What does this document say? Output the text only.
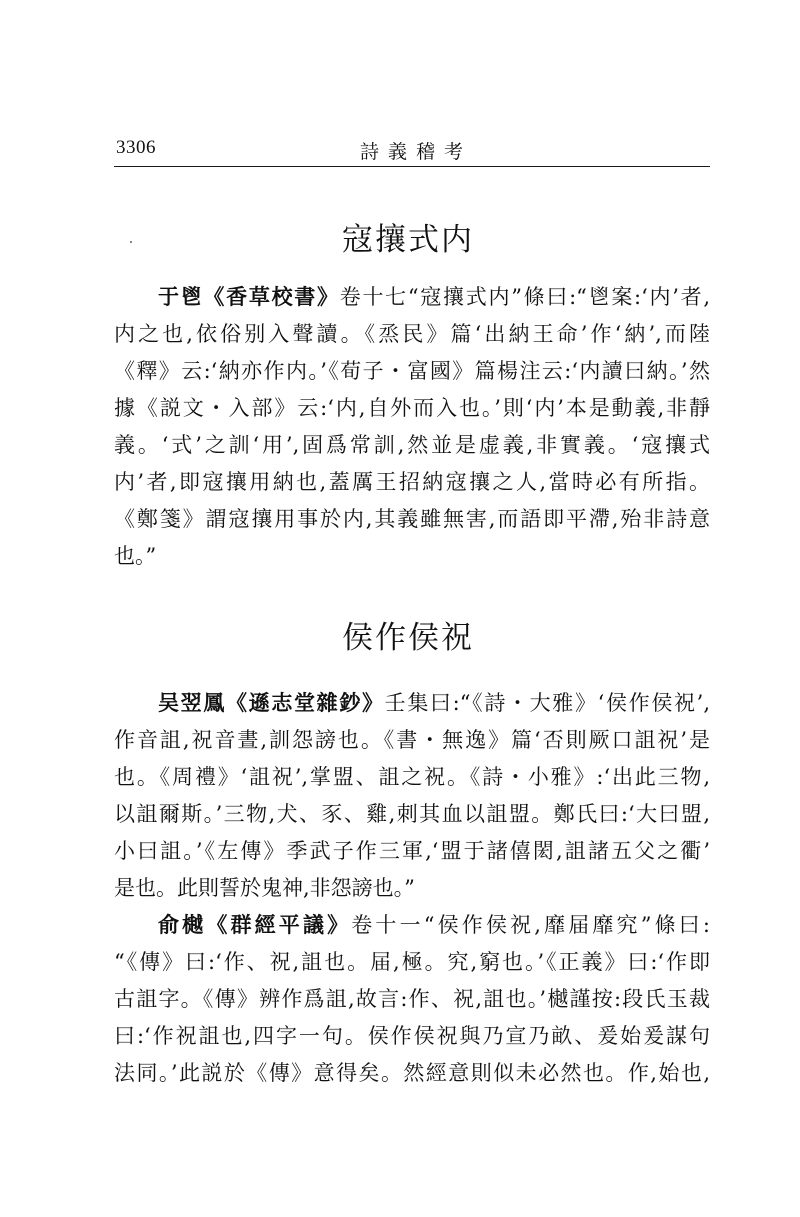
3306	詩義稽考
寇攘式内
于鬯《香草校書》卷十七“寇攘式内”條曰:“鬯案:‘内’者,
内之也,依俗别入聲讀。《烝民》篇‘出納王命’作‘納’,而陸
《釋》云:‘納亦作内。’《荀子・富國》篇楊注云:‘内讀曰納。’然
據《説文・入部》云:‘内,自外而入也。’則‘内’本是動義,非靜
義。‘式’之訓‘用’,固爲常訓,然並是虚義,非實義。‘寇攘式
内’者,即寇攘用納也,蓋厲王招納寇攘之人,當時必有所指。
《鄭箋》謂寇攘用事於内,其義雖無害,而語即平滯,殆非詩意
也。”
侯作侯祝
吴翌鳳《遜志堂雜鈔》壬集曰:“《詩・大雅》‘侯作侯祝’,
作音詛,祝音晝,訓怨謗也。《書・無逸》篇‘否則厥口詛祝’是
也。《周禮》‘詛祝’,掌盟、詛之祝。《詩・小雅》:‘出此三物,
以詛爾斯。’三物,犬、豕、雞,刺其血以詛盟。鄭氏曰:‘大曰盟,
小曰詛。’《左傳》季武子作三軍,‘盟于諸僖閎,詛諸五父之衢’
是也。此則誓於鬼神,非怨謗也。”
俞樾《群經平議》卷十一“侯作侯祝,靡届靡究”條曰:
“《傳》曰:‘作、祝,詛也。届,極。究,窮也。’《正義》曰:‘作即
古詛字。《傳》辨作爲詛,故言:作、祝,詛也。’樾謹按:段氏玉裁
曰:‘作祝詛也,四字一句。侯作侯祝與乃宣乃畝、爰始爰謀句
法同。’此説於《傳》意得矣。然經意則似未必然也。作,始也,
